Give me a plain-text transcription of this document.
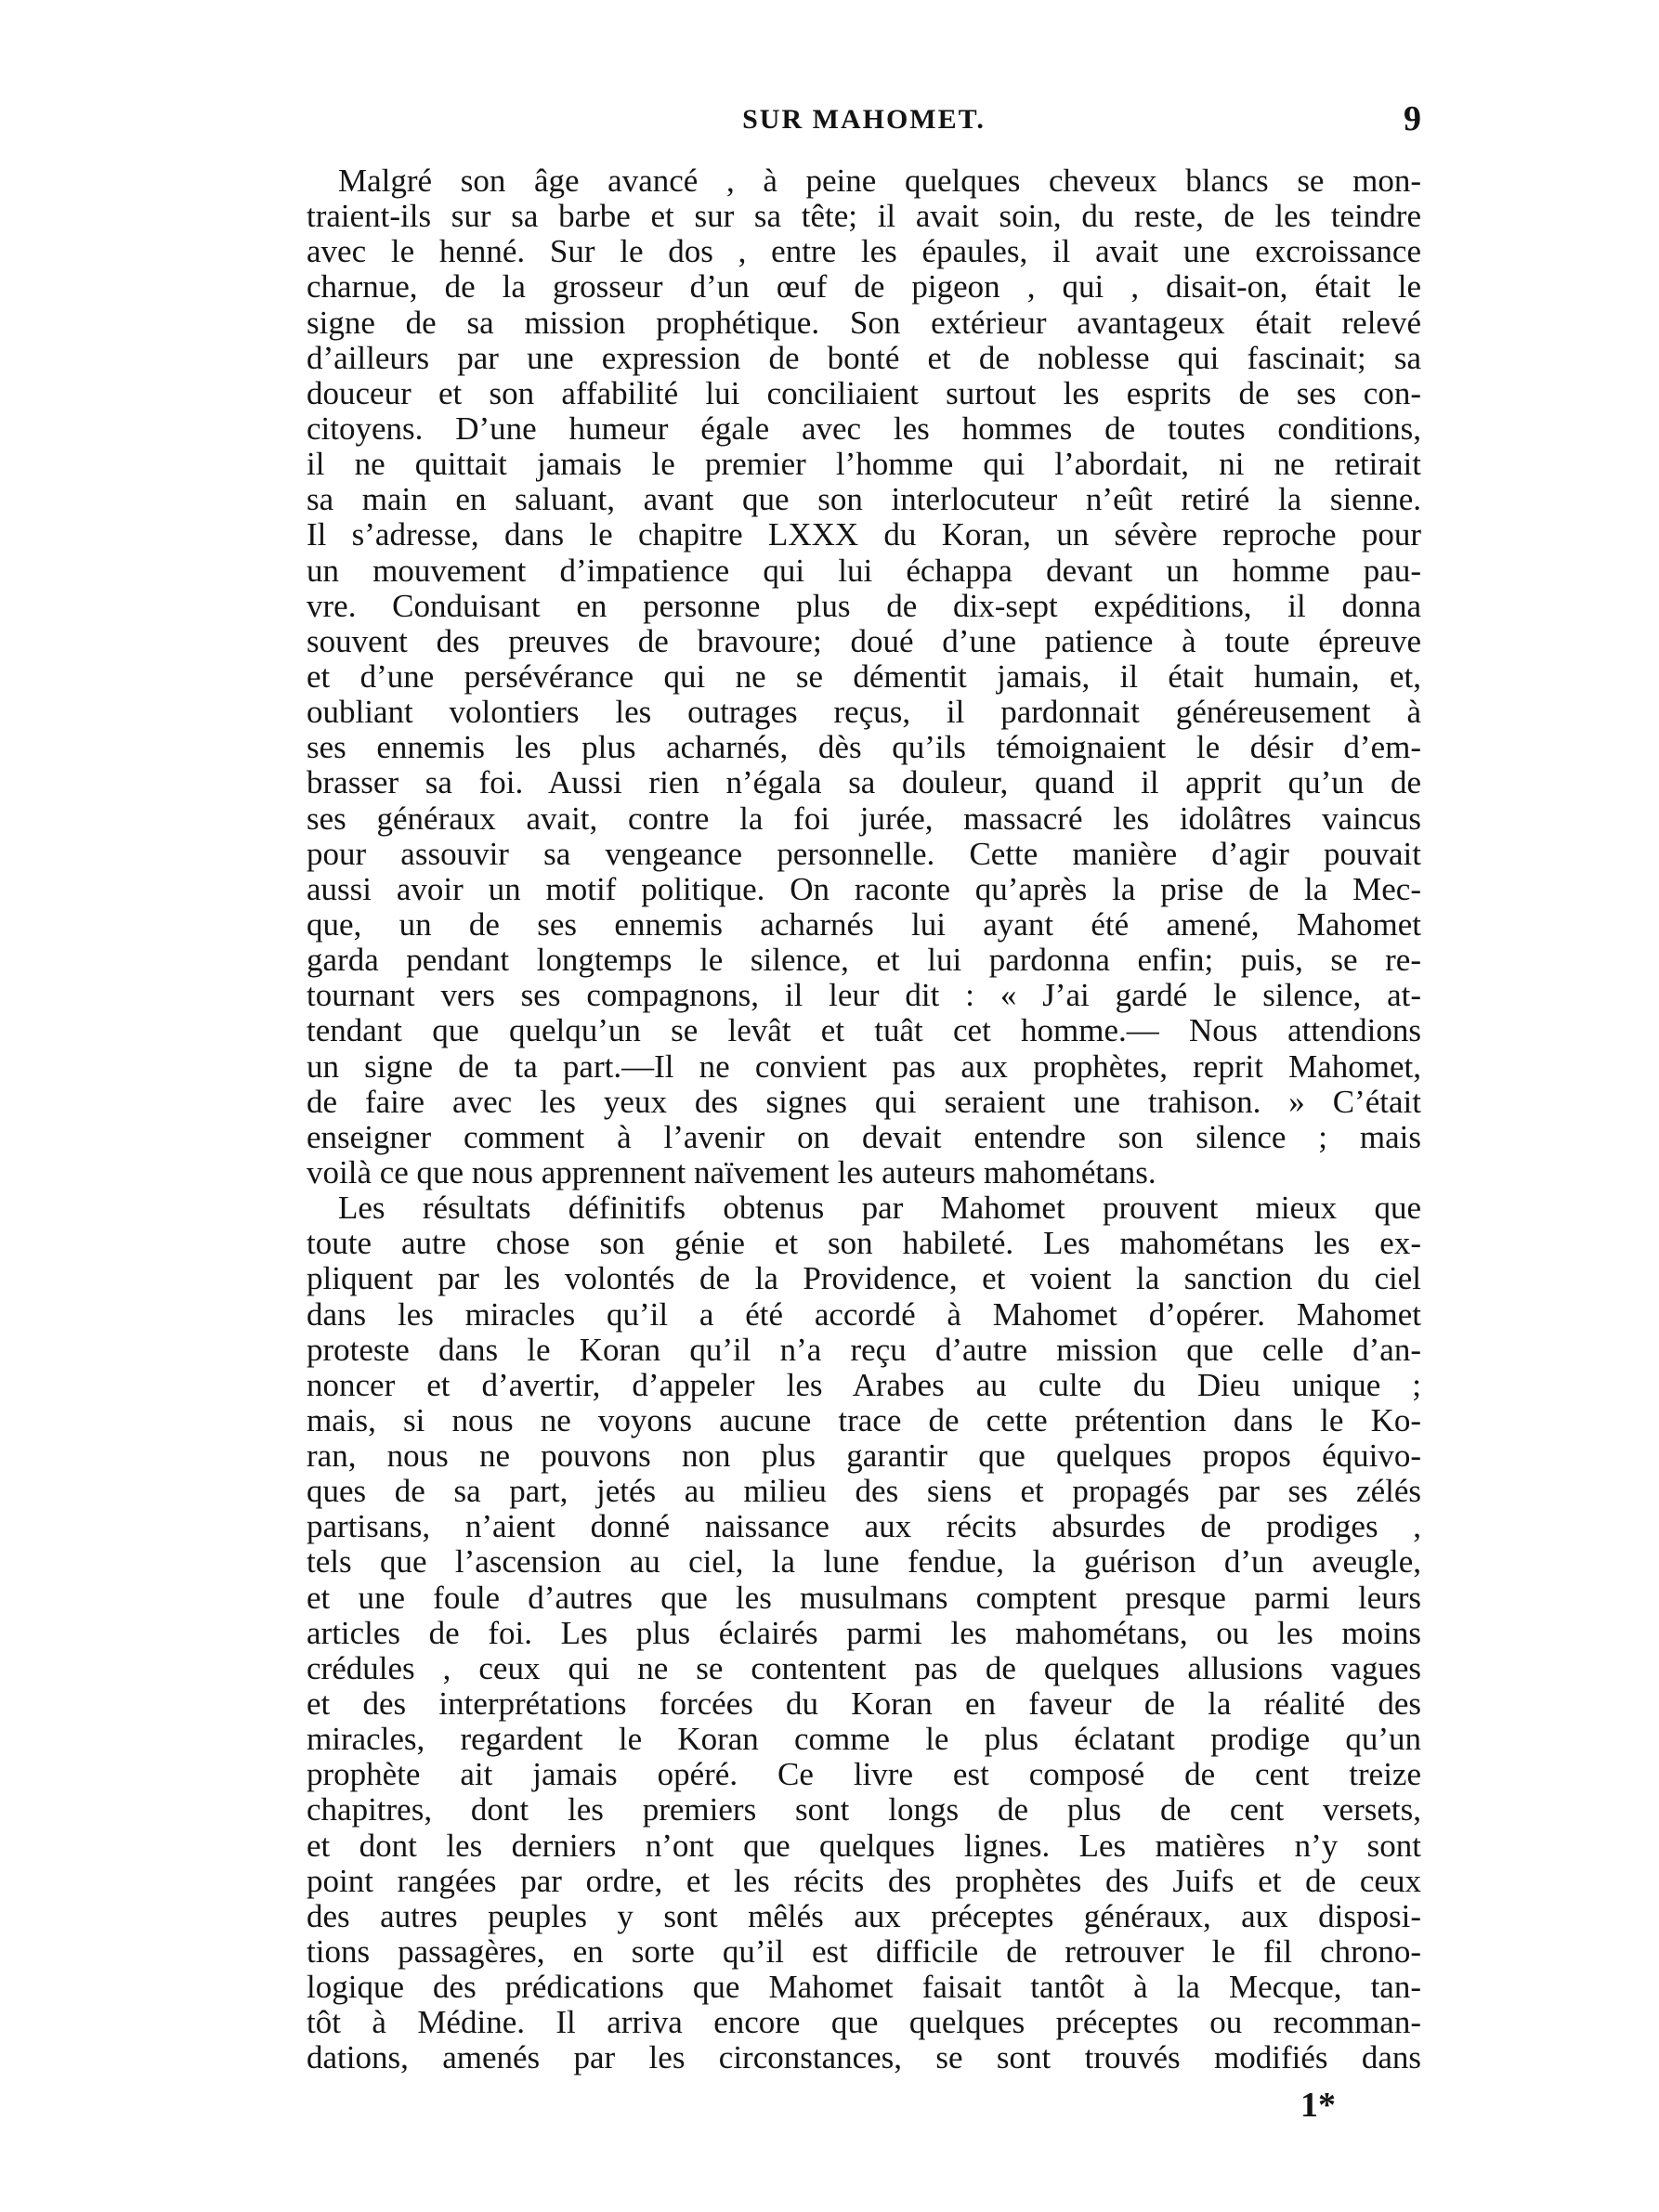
SUR MAHOMET.	9
Malgré son âge avancé , à peine quelques cheveux blancs se mon-
traient-ils sur sa barbe et sur sa tête; il avait soin, du reste, de les teindre
avec le henné. Sur le dos , entre les épaules, il avait une excroissance
charnue, de la grosseur d’un œuf de pigeon , qui , disait-on, était le
signe de sa mission prophétique. Son extérieur avantageux était relevé
d’ailleurs par une expression de bonté et de noblesse qui fascinait; sa
douceur et son affabilité lui conciliaient surtout les esprits de ses con-
citoyens. D’une humeur égale avec les hommes de toutes conditions,
il ne quittait jamais le premier l’homme qui l’abordait, ni ne retirait
sa main en saluant, avant que son interlocuteur n’eût retiré la sienne.
Il s’adresse, dans le chapitre LXXX du Koran, un sévère reproche pour
un mouvement d’impatience qui lui échappa devant un homme pau-
vre. Conduisant en personne plus de dix-sept expéditions, il donna
souvent des preuves de bravoure; doué d’une patience à toute épreuve
et d’une persévérance qui ne se démentit jamais, il était humain, et,
oubliant volontiers les outrages reçus, il pardonnait généreusement à
ses ennemis les plus acharnés, dès qu’ils témoignaient le désir d’em-
brasser sa foi. Aussi rien n’égala sa douleur, quand il apprit qu’un de
ses généraux avait, contre la foi jurée, massacré les idolâtres vaincus
pour assouvir sa vengeance personnelle. Cette manière d’agir pouvait
aussi avoir un motif politique. On raconte qu’après la prise de la Mec-
que, un de ses ennemis acharnés lui ayant été amené, Mahomet
garda pendant longtemps le silence, et lui pardonna enfin; puis, se re-
tournant vers ses compagnons, il leur dit : « J’ai gardé le silence, at-
tendant que quelqu’un se levât et tuât cet homme.— Nous attendions
un signe de ta part.—Il ne convient pas aux prophètes, reprit Mahomet,
de faire avec les yeux des signes qui seraient une trahison. » C’était
enseigner comment à l’avenir on devait entendre son silence ; mais
voilà ce que nous apprennent naïvement les auteurs mahométans.
Les résultats définitifs obtenus par Mahomet prouvent mieux que
toute autre chose son génie et son habileté. Les mahométans les ex-
pliquent par les volontés de la Providence, et voient la sanction du ciel
dans les miracles qu’il a été accordé à Mahomet d’opérer. Mahomet
proteste dans le Koran qu’il n’a reçu d’autre mission que celle d’an-
noncer et d’avertir, d’appeler les Arabes au culte du Dieu unique ;
mais, si nous ne voyons aucune trace de cette prétention dans le Ko-
ran, nous ne pouvons non plus garantir que quelques propos équivo-
ques de sa part, jetés au milieu des siens et propagés par ses zélés
partisans, n’aient donné naissance aux récits absurdes de prodiges ,
tels que l’ascension au ciel, la lune fendue, la guérison d’un aveugle,
et une foule d’autres que les musulmans comptent presque parmi leurs
articles de foi. Les plus éclairés parmi les mahométans, ou les moins
crédules , ceux qui ne se contentent pas de quelques allusions vagues
et des interprétations forcées du Koran en faveur de la réalité des
miracles, regardent le Koran comme le plus éclatant prodige qu’un
prophète ait jamais opéré. Ce livre est composé de cent treize
chapitres, dont les premiers sont longs de plus de cent versets,
et dont les derniers n’ont que quelques lignes. Les matières n’y sont
point rangées par ordre, et les récits des prophètes des Juifs et de ceux
des autres peuples y sont mêlés aux préceptes généraux, aux disposi-
tions passagères, en sorte qu’il est difficile de retrouver le fil chrono-
logique des prédications que Mahomet faisait tantôt à la Mecque, tan-
tôt à Médine. Il arriva encore que quelques préceptes ou recomman-
dations, amenés par les circonstances, se sont trouvés modifiés dans
1*
